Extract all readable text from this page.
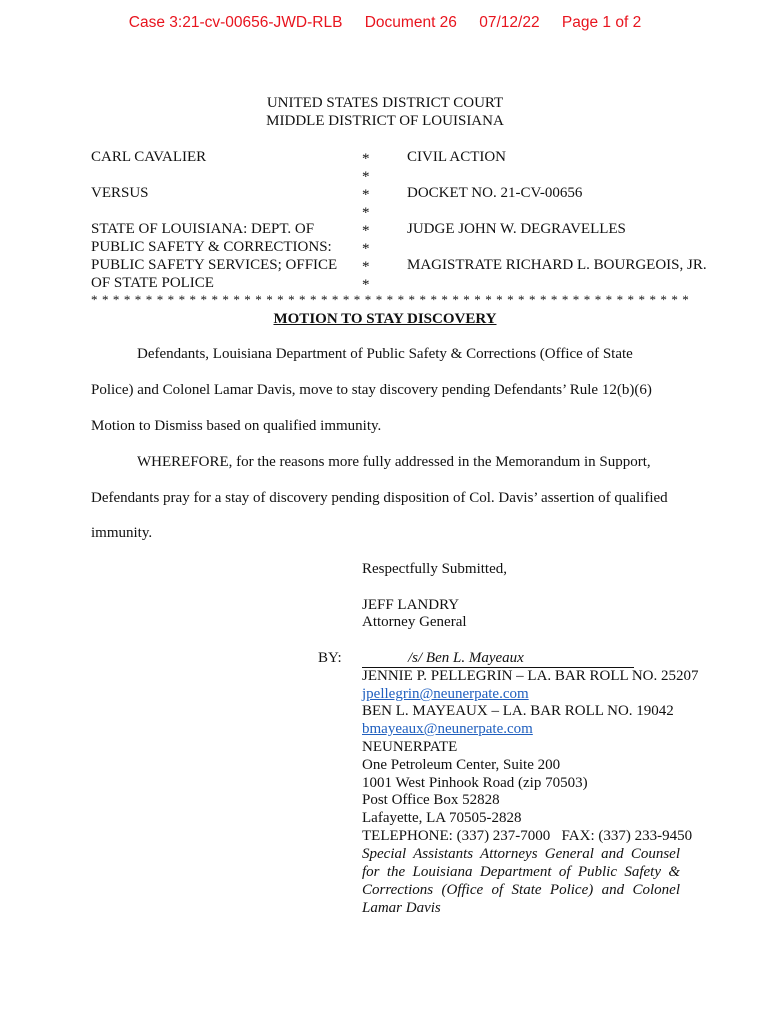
Case 3:21-cv-00656-JWD-RLB Document 26 07/12/22 Page 1 of 2
UNITED STATES DISTRICT COURT
MIDDLE DISTRICT OF LOUISIANA
CARL CAVALIER
VERSUS
STATE OF LOUISIANA: DEPT. OF
PUBLIC SAFETY & CORRECTIONS:
PUBLIC SAFETY SERVICES; OFFICE
OF STATE POLICE
*
*
*
*
*
*
*
*
CIVIL ACTION
DOCKET NO. 21-CV-00656
JUDGE JOHN W. DEGRAVELLES
MAGISTRATE RICHARD L. BOURGEOIS, JR.
* * * * * * * * * * * * * * * * * * * * * * * * * * * * * * * * * * * * * * * * * * * * * * * * * * * * * * *
MOTION TO STAY DISCOVERY
Defendants, Louisiana Department of Public Safety & Corrections (Office of State
Police) and Colonel Lamar Davis, move to stay discovery pending Defendants’ Rule 12(b)(6)
Motion to Dismiss based on qualified immunity.
WHEREFORE, for the reasons more fully addressed in the Memorandum in Support,
Defendants pray for a stay of discovery pending disposition of Col. Davis’ assertion of qualified
immunity.
Respectfully Submitted,
JEFF LANDRY
Attorney General
BY:	/s/ Ben L. Mayeaux
JENNIE P. PELLEGRIN – LA. BAR ROLL NO. 25207
jpellegrin@neunerpate.com
BEN L. MAYEAUX – LA. BAR ROLL NO. 19042
bmayeaux@neunerpate.com
NEUNERPATE
One Petroleum Center, Suite 200
1001 West Pinhook Road (zip 70503)
Post Office Box 52828
Lafayette, LA 70505-2828
TELEPHONE: (337) 237-7000   FAX: (337) 233-9450
Special Assistants Attorneys General and Counsel
for the Louisiana Department of Public Safety &
Corrections (Office of State Police) and Colonel
Lamar Davis
